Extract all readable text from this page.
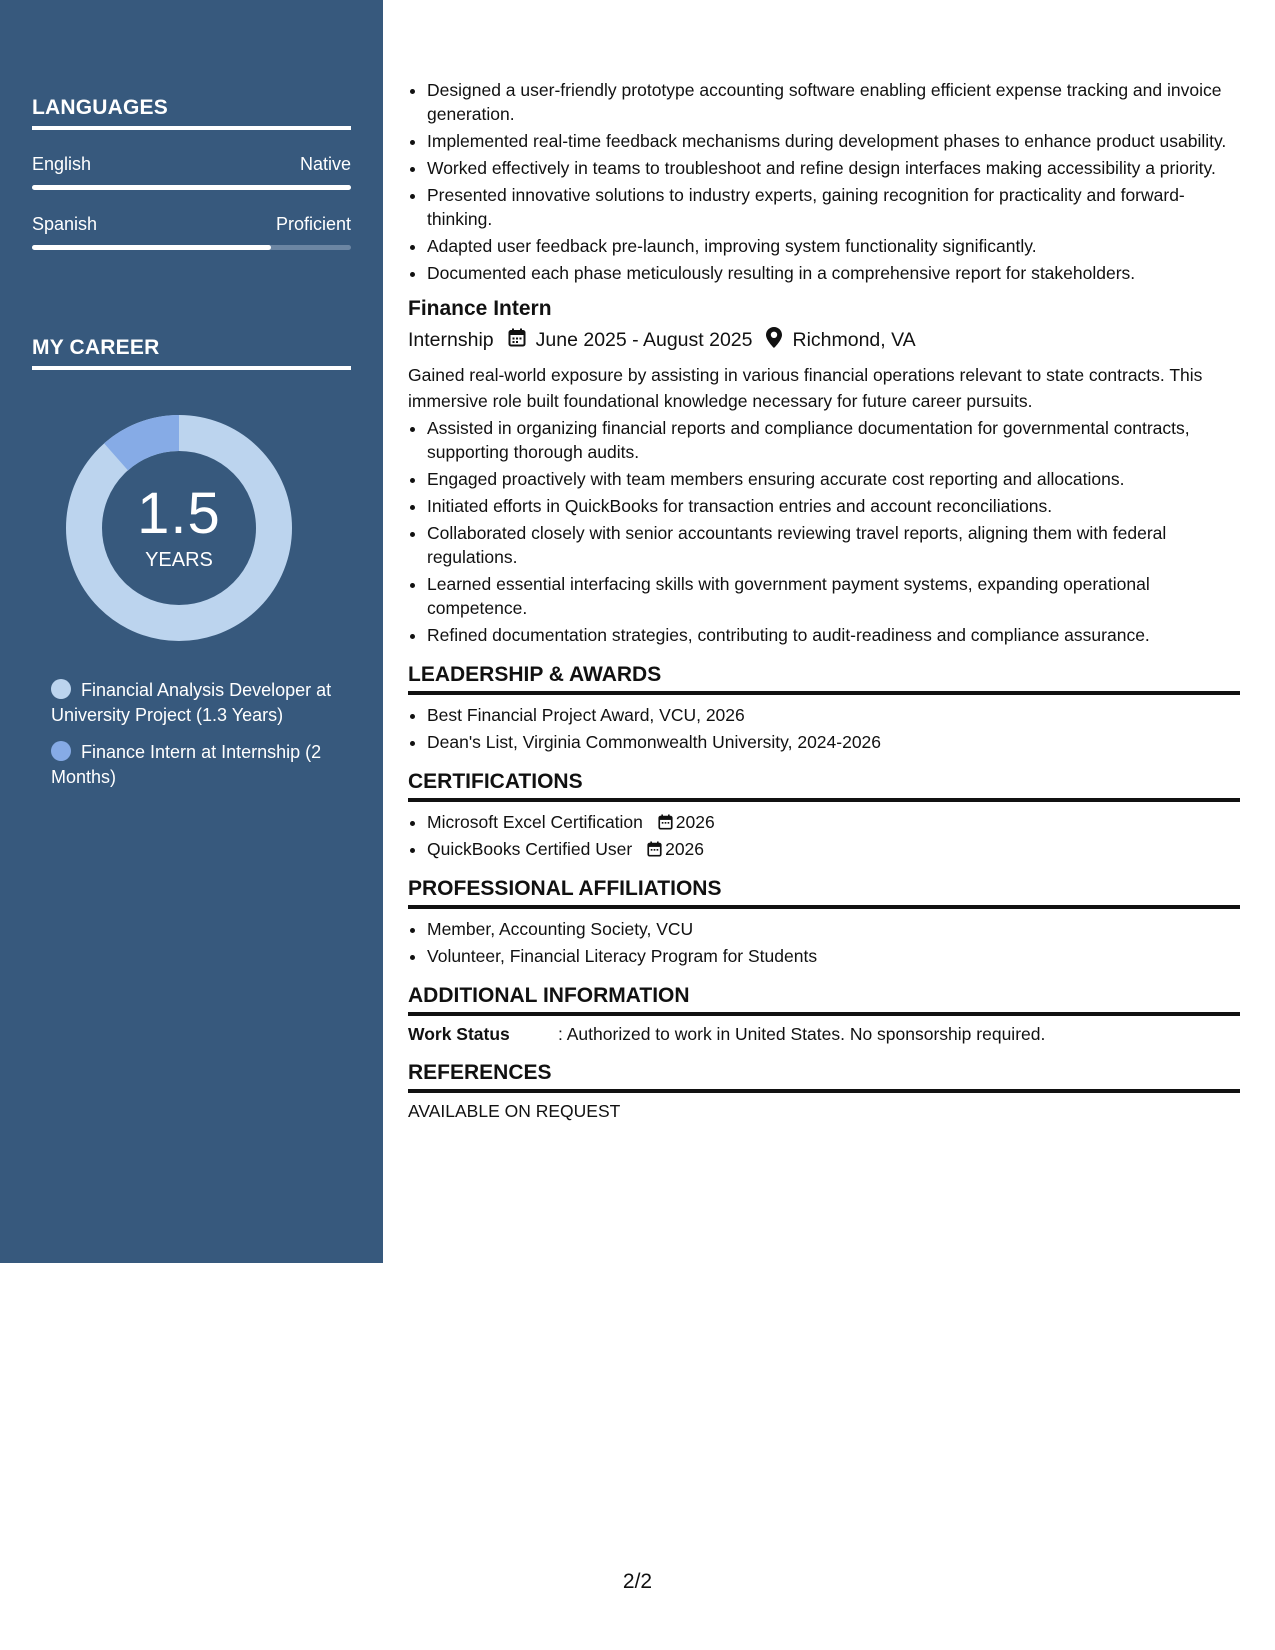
LANGUAGES
English	Native
Spanish	Proficient
MY CAREER
1.5
YEARS
Financial Analysis Developer at University Project (1.3 Years)
Finance Intern at Internship (2 Months)
• Designed a user-friendly prototype accounting software enabling efficient expense tracking and invoice generation.
• Implemented real-time feedback mechanisms during development phases to enhance product usability.
• Worked effectively in teams to troubleshoot and refine design interfaces making accessibility a priority.
• Presented innovative solutions to industry experts, gaining recognition for practicality and forward-thinking.
• Adapted user feedback pre-launch, improving system functionality significantly.
• Documented each phase meticulously resulting in a comprehensive report for stakeholders.
Finance Intern
Internship June 2025 - August 2025 Richmond, VA
Gained real-world exposure by assisting in various financial operations relevant to state contracts. This immersive role built foundational knowledge necessary for future career pursuits.
• Assisted in organizing financial reports and compliance documentation for governmental contracts, supporting thorough audits.
• Engaged proactively with team members ensuring accurate cost reporting and allocations.
• Initiated efforts in QuickBooks for transaction entries and account reconciliations.
• Collaborated closely with senior accountants reviewing travel reports, aligning them with federal regulations.
• Learned essential interfacing skills with government payment systems, expanding operational competence.
• Refined documentation strategies, contributing to audit-readiness and compliance assurance.
LEADERSHIP & AWARDS
• Best Financial Project Award, VCU, 2026
• Dean's List, Virginia Commonwealth University, 2024-2026
CERTIFICATIONS
• Microsoft Excel Certification 2026
• QuickBooks Certified User 2026
PROFESSIONAL AFFILIATIONS
• Member, Accounting Society, VCU
• Volunteer, Financial Literacy Program for Students
ADDITIONAL INFORMATION
Work Status	: Authorized to work in United States. No sponsorship required.
REFERENCES
AVAILABLE ON REQUEST
2/2
